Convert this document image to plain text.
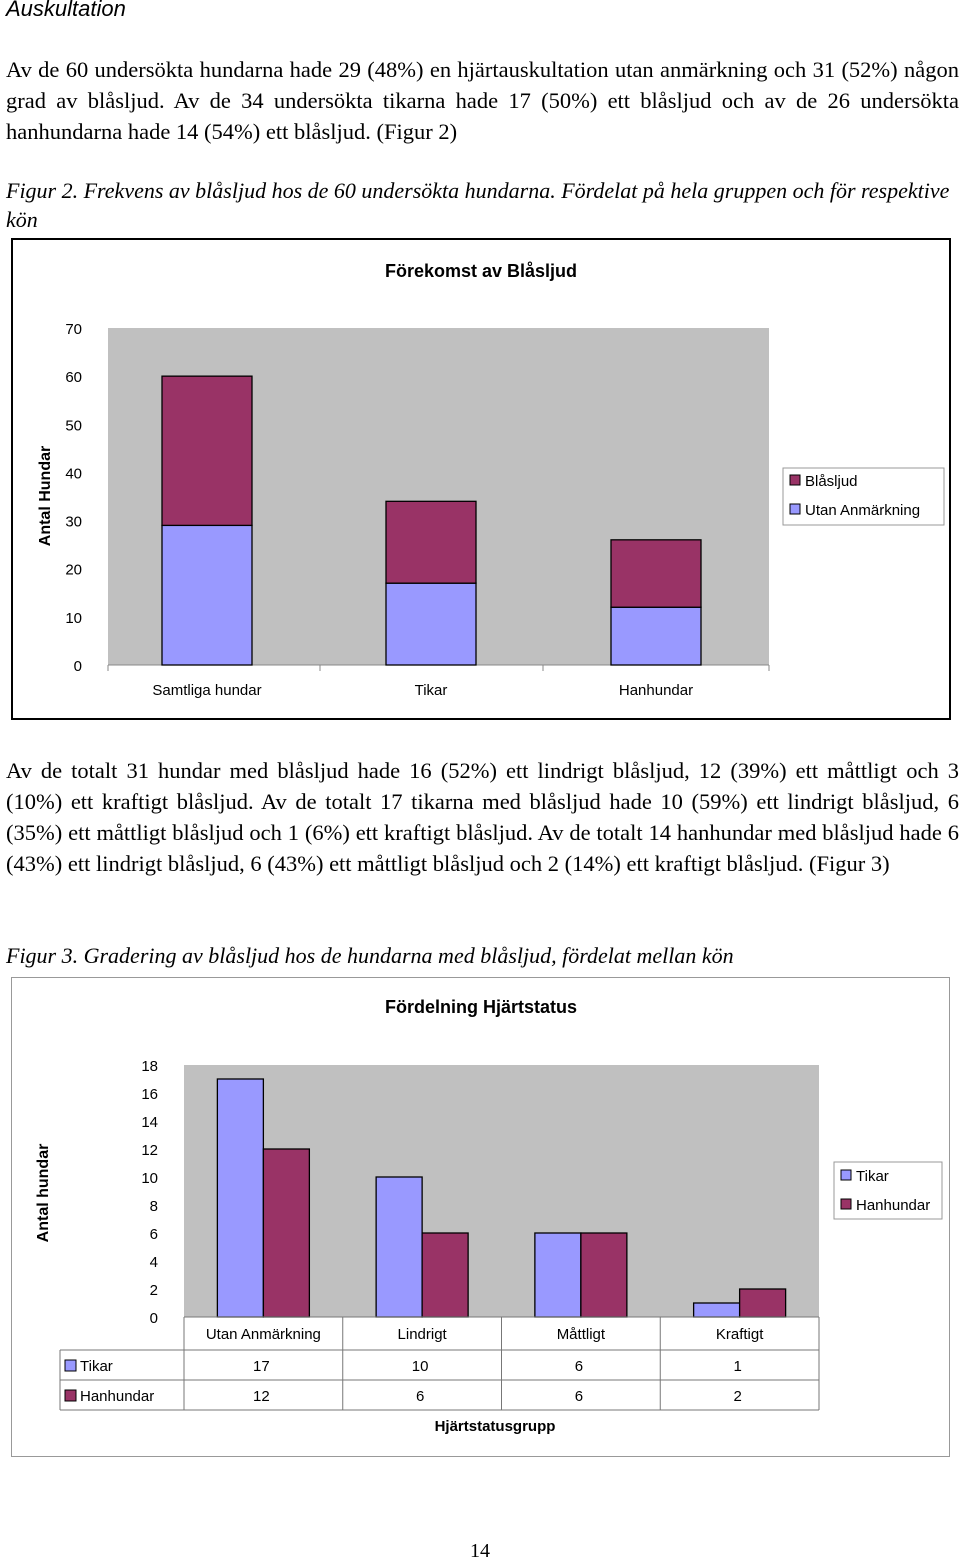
Auskultation

Av de 60 undersökta hundarna hade 29 (48%) en hjärtauskultation utan anmärkning och 31 (52%) någon grad av blåsljud. Av de 34 undersökta tikarna hade 17 (50%) ett blåsljud och av de 26 undersökta hanhundarna hade 14 (54%) ett blåsljud. (Figur 2)

Figur 2. Frekvens av blåsljud hos de 60 undersökta hundarna. Fördelat på hela gruppen och för respektive kön

Förekomst av Blåsljud
0
10
20
30
40
50
60
70
Antal Hundar
Samtliga hundar	Tikar	Hanhundar
Blåsljud
Utan Anmärkning

Av de totalt 31 hundar med blåsljud hade 16 (52%) ett lindrigt blåsljud, 12 (39%) ett måttligt och 3 (10%) ett kraftigt blåsljud. Av de totalt 17 tikarna med blåsljud hade 10 (59%) ett lindrigt blåsljud, 6 (35%) ett måttligt blåsljud och 1 (6%) ett kraftigt blåsljud. Av de totalt 14 hanhundar med blåsljud hade 6 (43%) ett lindrigt blåsljud, 6 (43%) ett måttligt blåsljud och 2 (14%) ett kraftigt blåsljud. (Figur 3)

Figur 3. Gradering av blåsljud hos de hundarna med blåsljud, fördelat mellan kön

Fördelning Hjärtstatus
0
2
4
6
8
10
12
14
16
18
Antal hundar
Utan Anmärkning	Lindrigt	Måttligt	Kraftigt
Tikar	17	10	6	1
Hanhundar	12	6	6	2
Hjärtstatusgrupp
Tikar
Hanhundar
14
